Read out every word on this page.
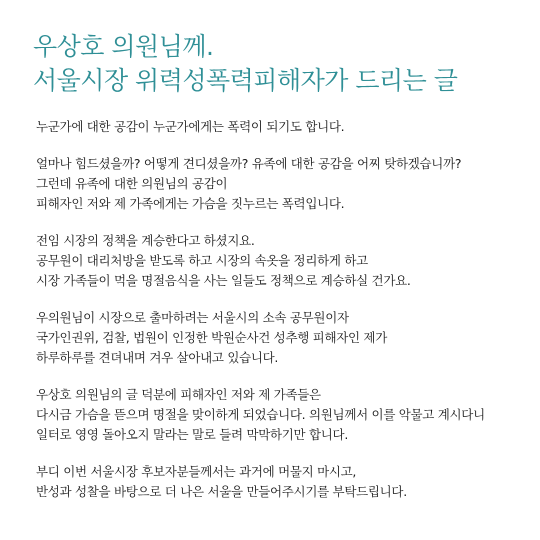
우상호 의원님께.
서울시장 위력성폭력피해자가 드리는 글
누군가에 대한 공감이 누군가에게는 폭력이 되기도 합니다.
얼마나 힘드셨을까? 어떻게 견디셨을까? 유족에 대한 공감을 어찌 탓하겠습니까?
그런데 유족에 대한 의원님의 공감이
피해자인 저와 제 가족에게는 가슴을 짓누르는 폭력입니다.
전임 시장의 정책을 계승한다고 하셨지요.
공무원이 대리처방을 받도록 하고 시장의 속옷을 정리하게 하고
시장 가족들이 먹을 명절음식을 사는 일들도 정책으로 계승하실 건가요.
우의원님이 시장으로 출마하려는 서울시의 소속 공무원이자
국가인권위, 검찰, 법원이 인정한 박원순사건 성추행 피해자인 제가
하루하루를 견뎌내며 겨우 살아내고 있습니다.
우상호 의원님의 글 덕분에 피해자인 저와 제 가족들은
다시금 가슴을 뜯으며 명절을 맞이하게 되었습니다. 의원님께서 이를 악물고 계시다니
일터로 영영 돌아오지 말라는 말로 들려 막막하기만 합니다.
부디 이번 서울시장 후보자분들께서는 과거에 머물지 마시고,
반성과 성찰을 바탕으로 더 나은 서울을 만들어주시기를 부탁드립니다.
